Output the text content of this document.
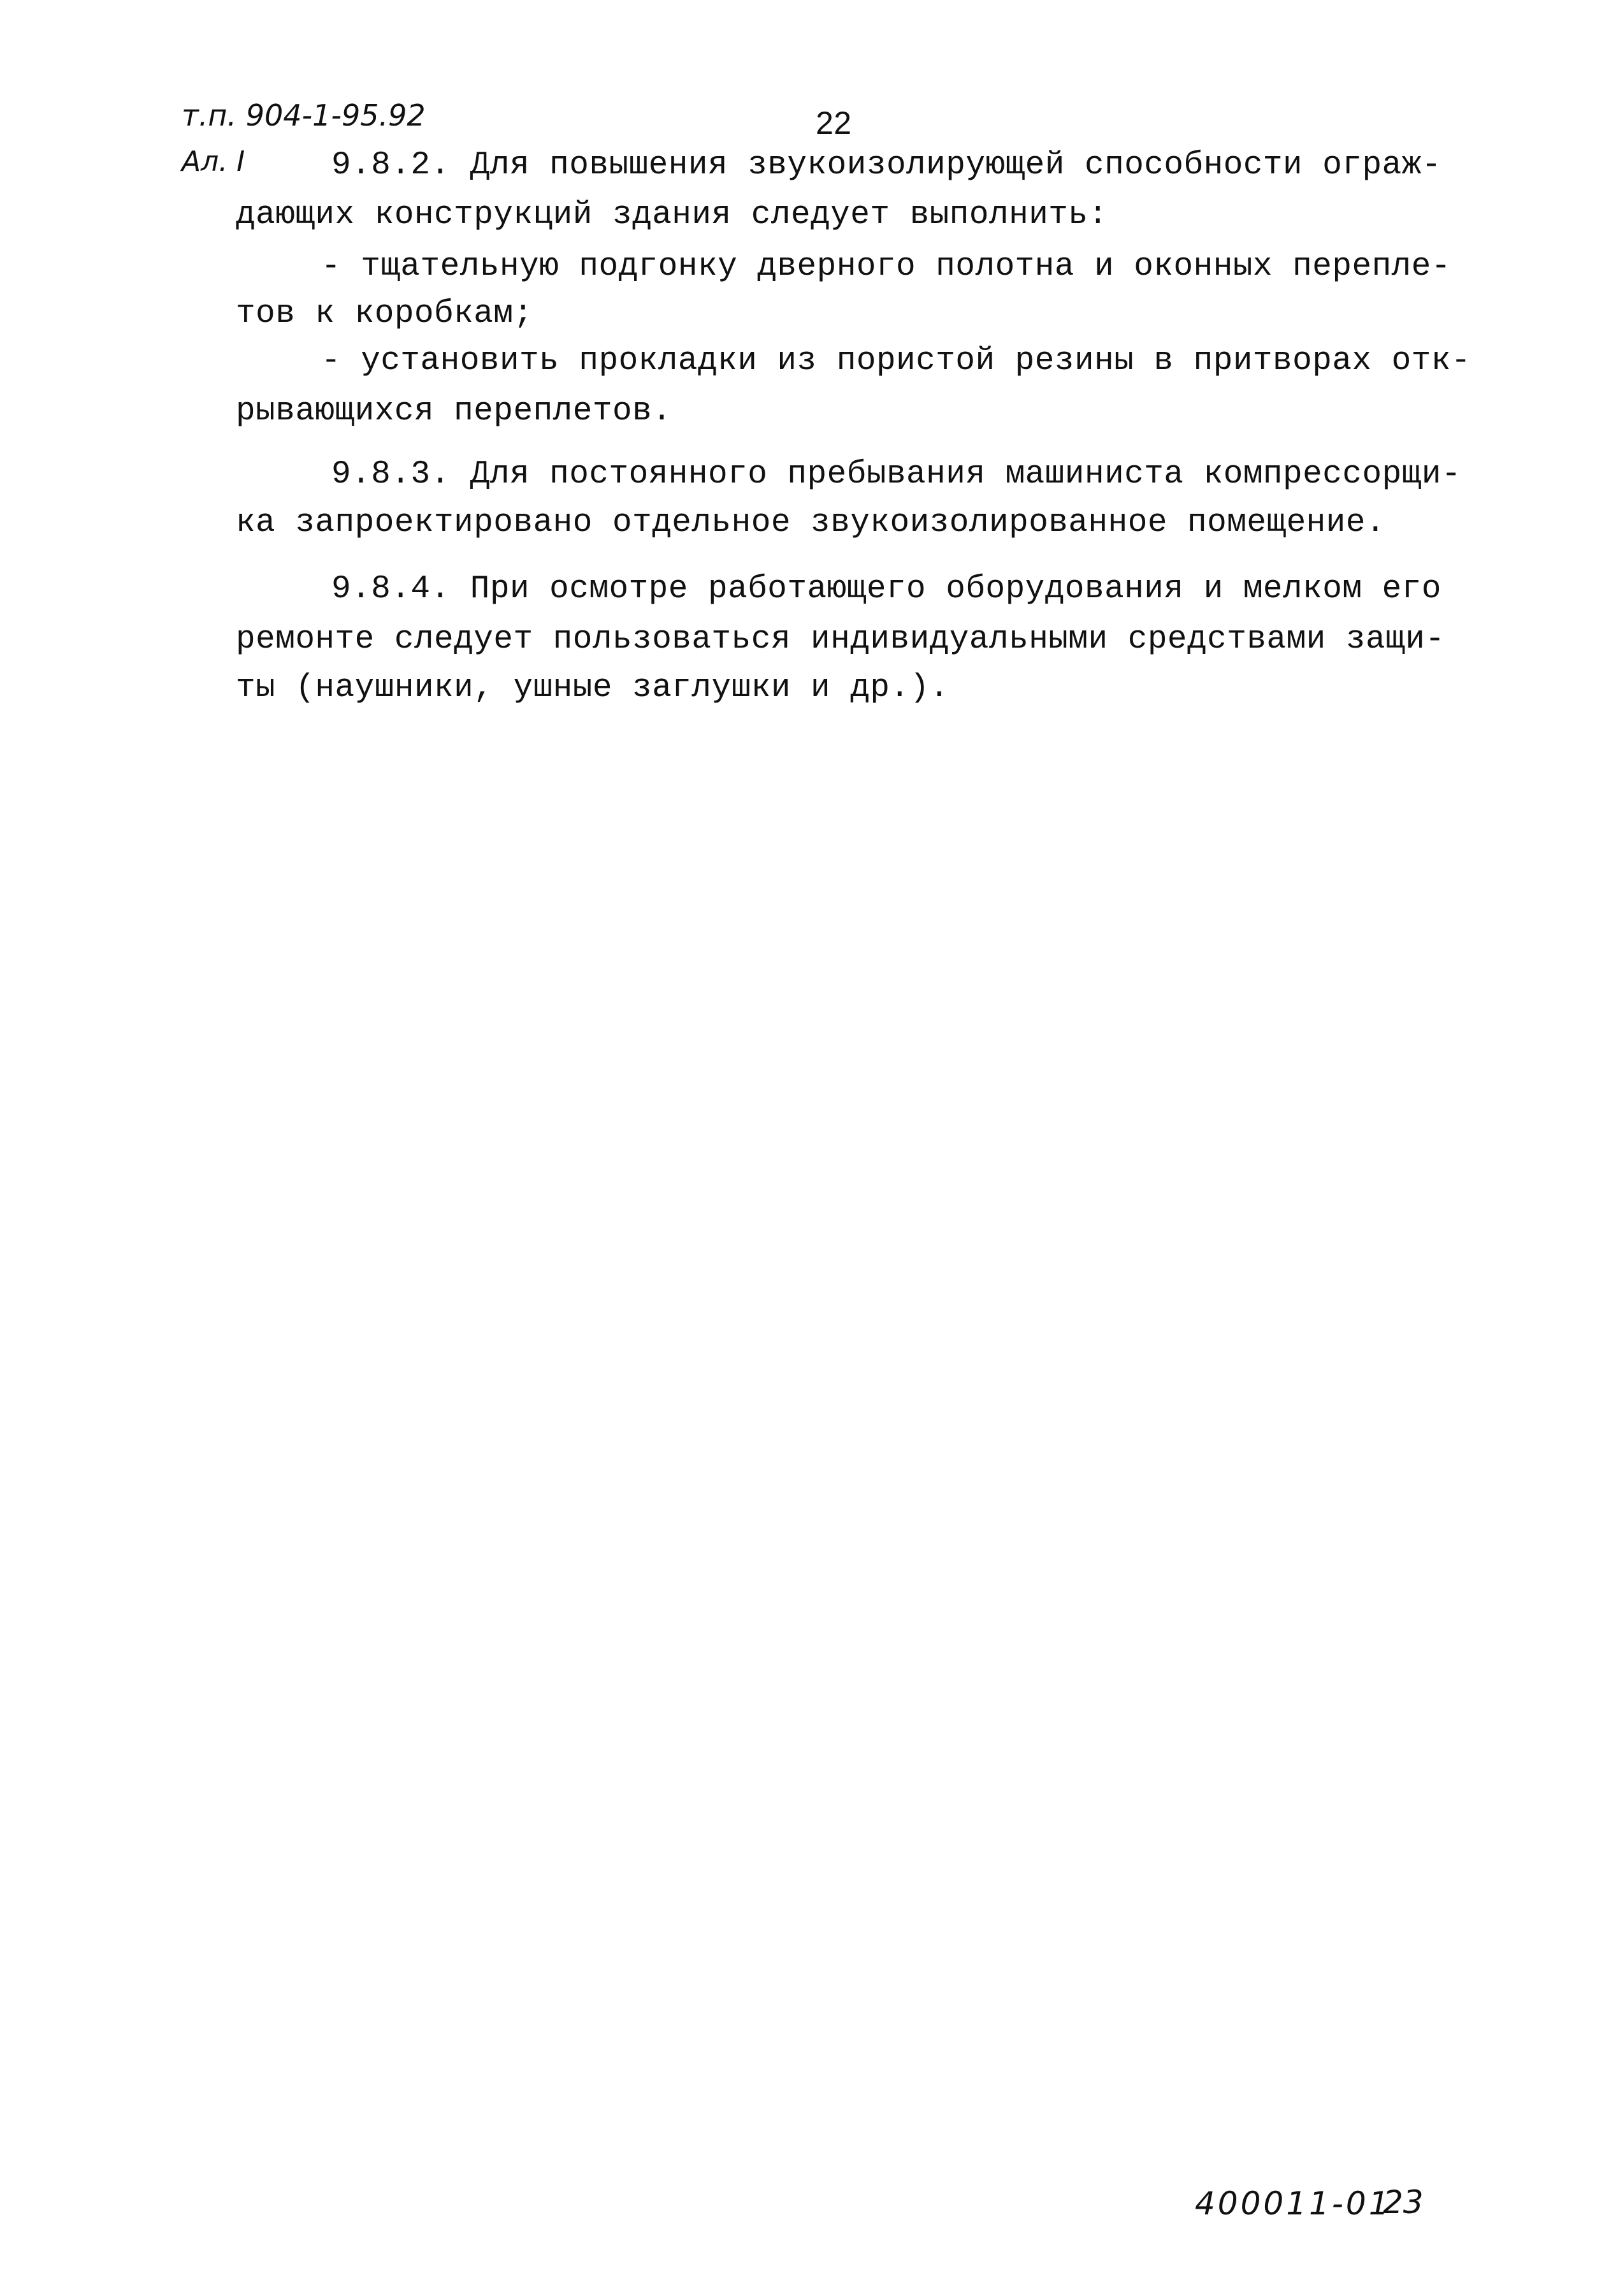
т.п. 904-1-95.92
Ал. I
22
9.8.2. Для повышения звукоизолирующей способности ограж-
дающих конструкций здания следует выполнить:
- тщательную подгонку дверного полотна и оконных перепле-
тов к коробкам;
- установить прокладки из пористой резины в притворах отк-
рывающихся переплетов.
9.8.3. Для постоянного пребывания машиниста компрессорщи-
ка запроектировано отдельное звукоизолированное помещение.
9.8.4. При осмотре работающего оборудования и мелком его
ремонте следует пользоваться индивидуальными средствами защи-
ты (наушники, ушные заглушки и др.).
400011-01
23
